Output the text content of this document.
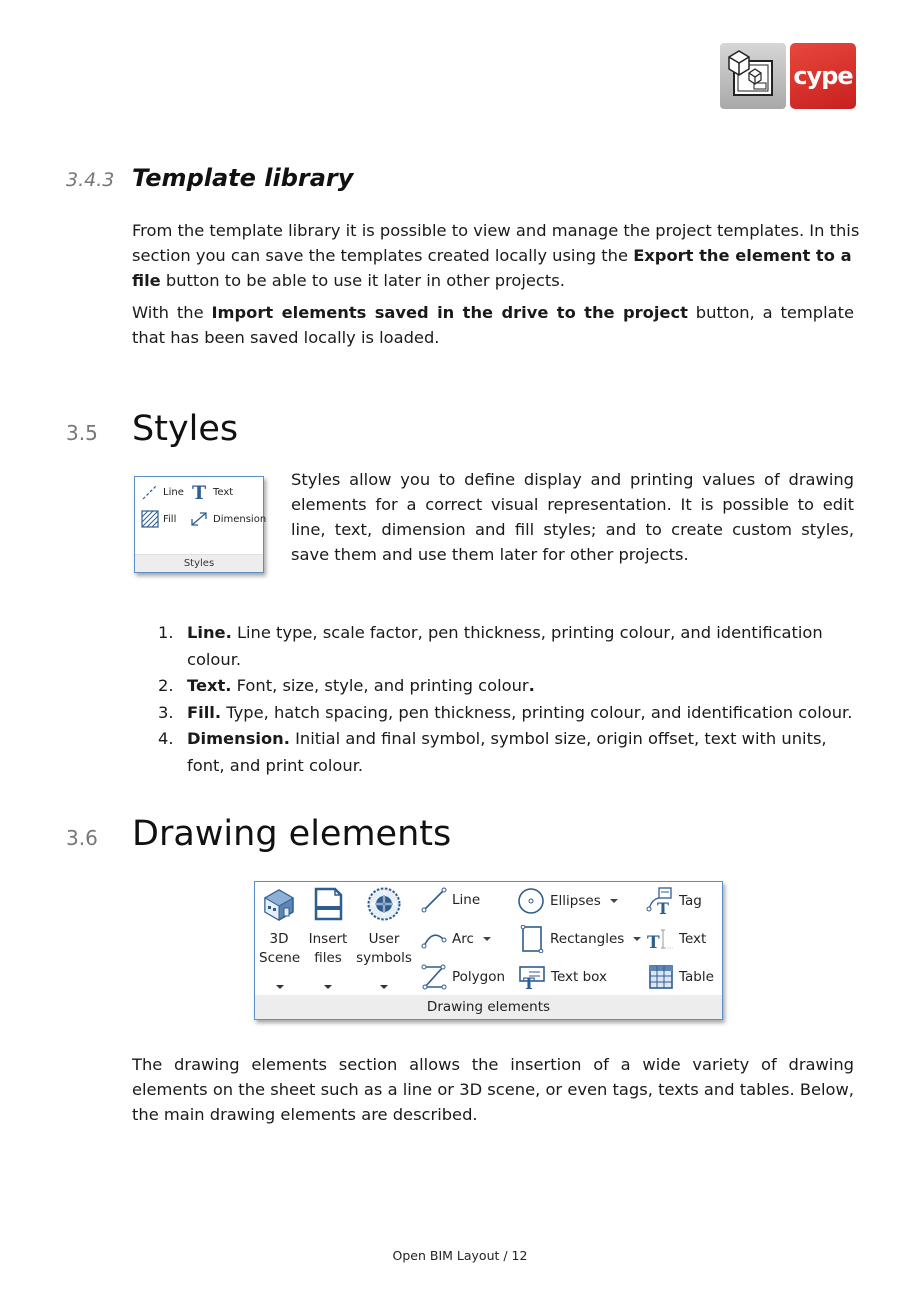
cype
3.4.3 Template library

From the template library it is possible to view and manage the project templates. In this section you can save the templates created locally using the Export the element to a file button to be able to use it later in other projects.

With the Import elements saved in the drive to the project button, a template that has been saved locally is loaded.

3.5 Styles
Line T Text
Fill	Dimension
Styles

Styles allow you to define display and printing values of drawing elements for a correct visual representation. It is possible to edit line, text, dimension and fill styles; and to create custom styles, save them and use them later for other projects.

1. Line. Line type, scale factor, pen thickness, printing colour, and identification colour.
2. Text. Font, size, style, and printing colour.
3. Fill. Type, hatch spacing, pen thickness, printing colour, and identification colour.
4. Dimension. Initial and final symbol, symbol size, origin offset, text with units, font, and print colour.
3.6 Drawing elements
3D
Scene
Insert
files
User
symbols
Line
Arc
Polygon
Ellipses
Rectangles
T Text box
T Tag
T Text
Table
Drawing elements

The drawing elements section allows the insertion of a wide variety of drawing elements on the sheet such as a line or 3D scene, or even tags, texts and tables. Below, the main drawing elements are described.

Open BIM Layout / 12
